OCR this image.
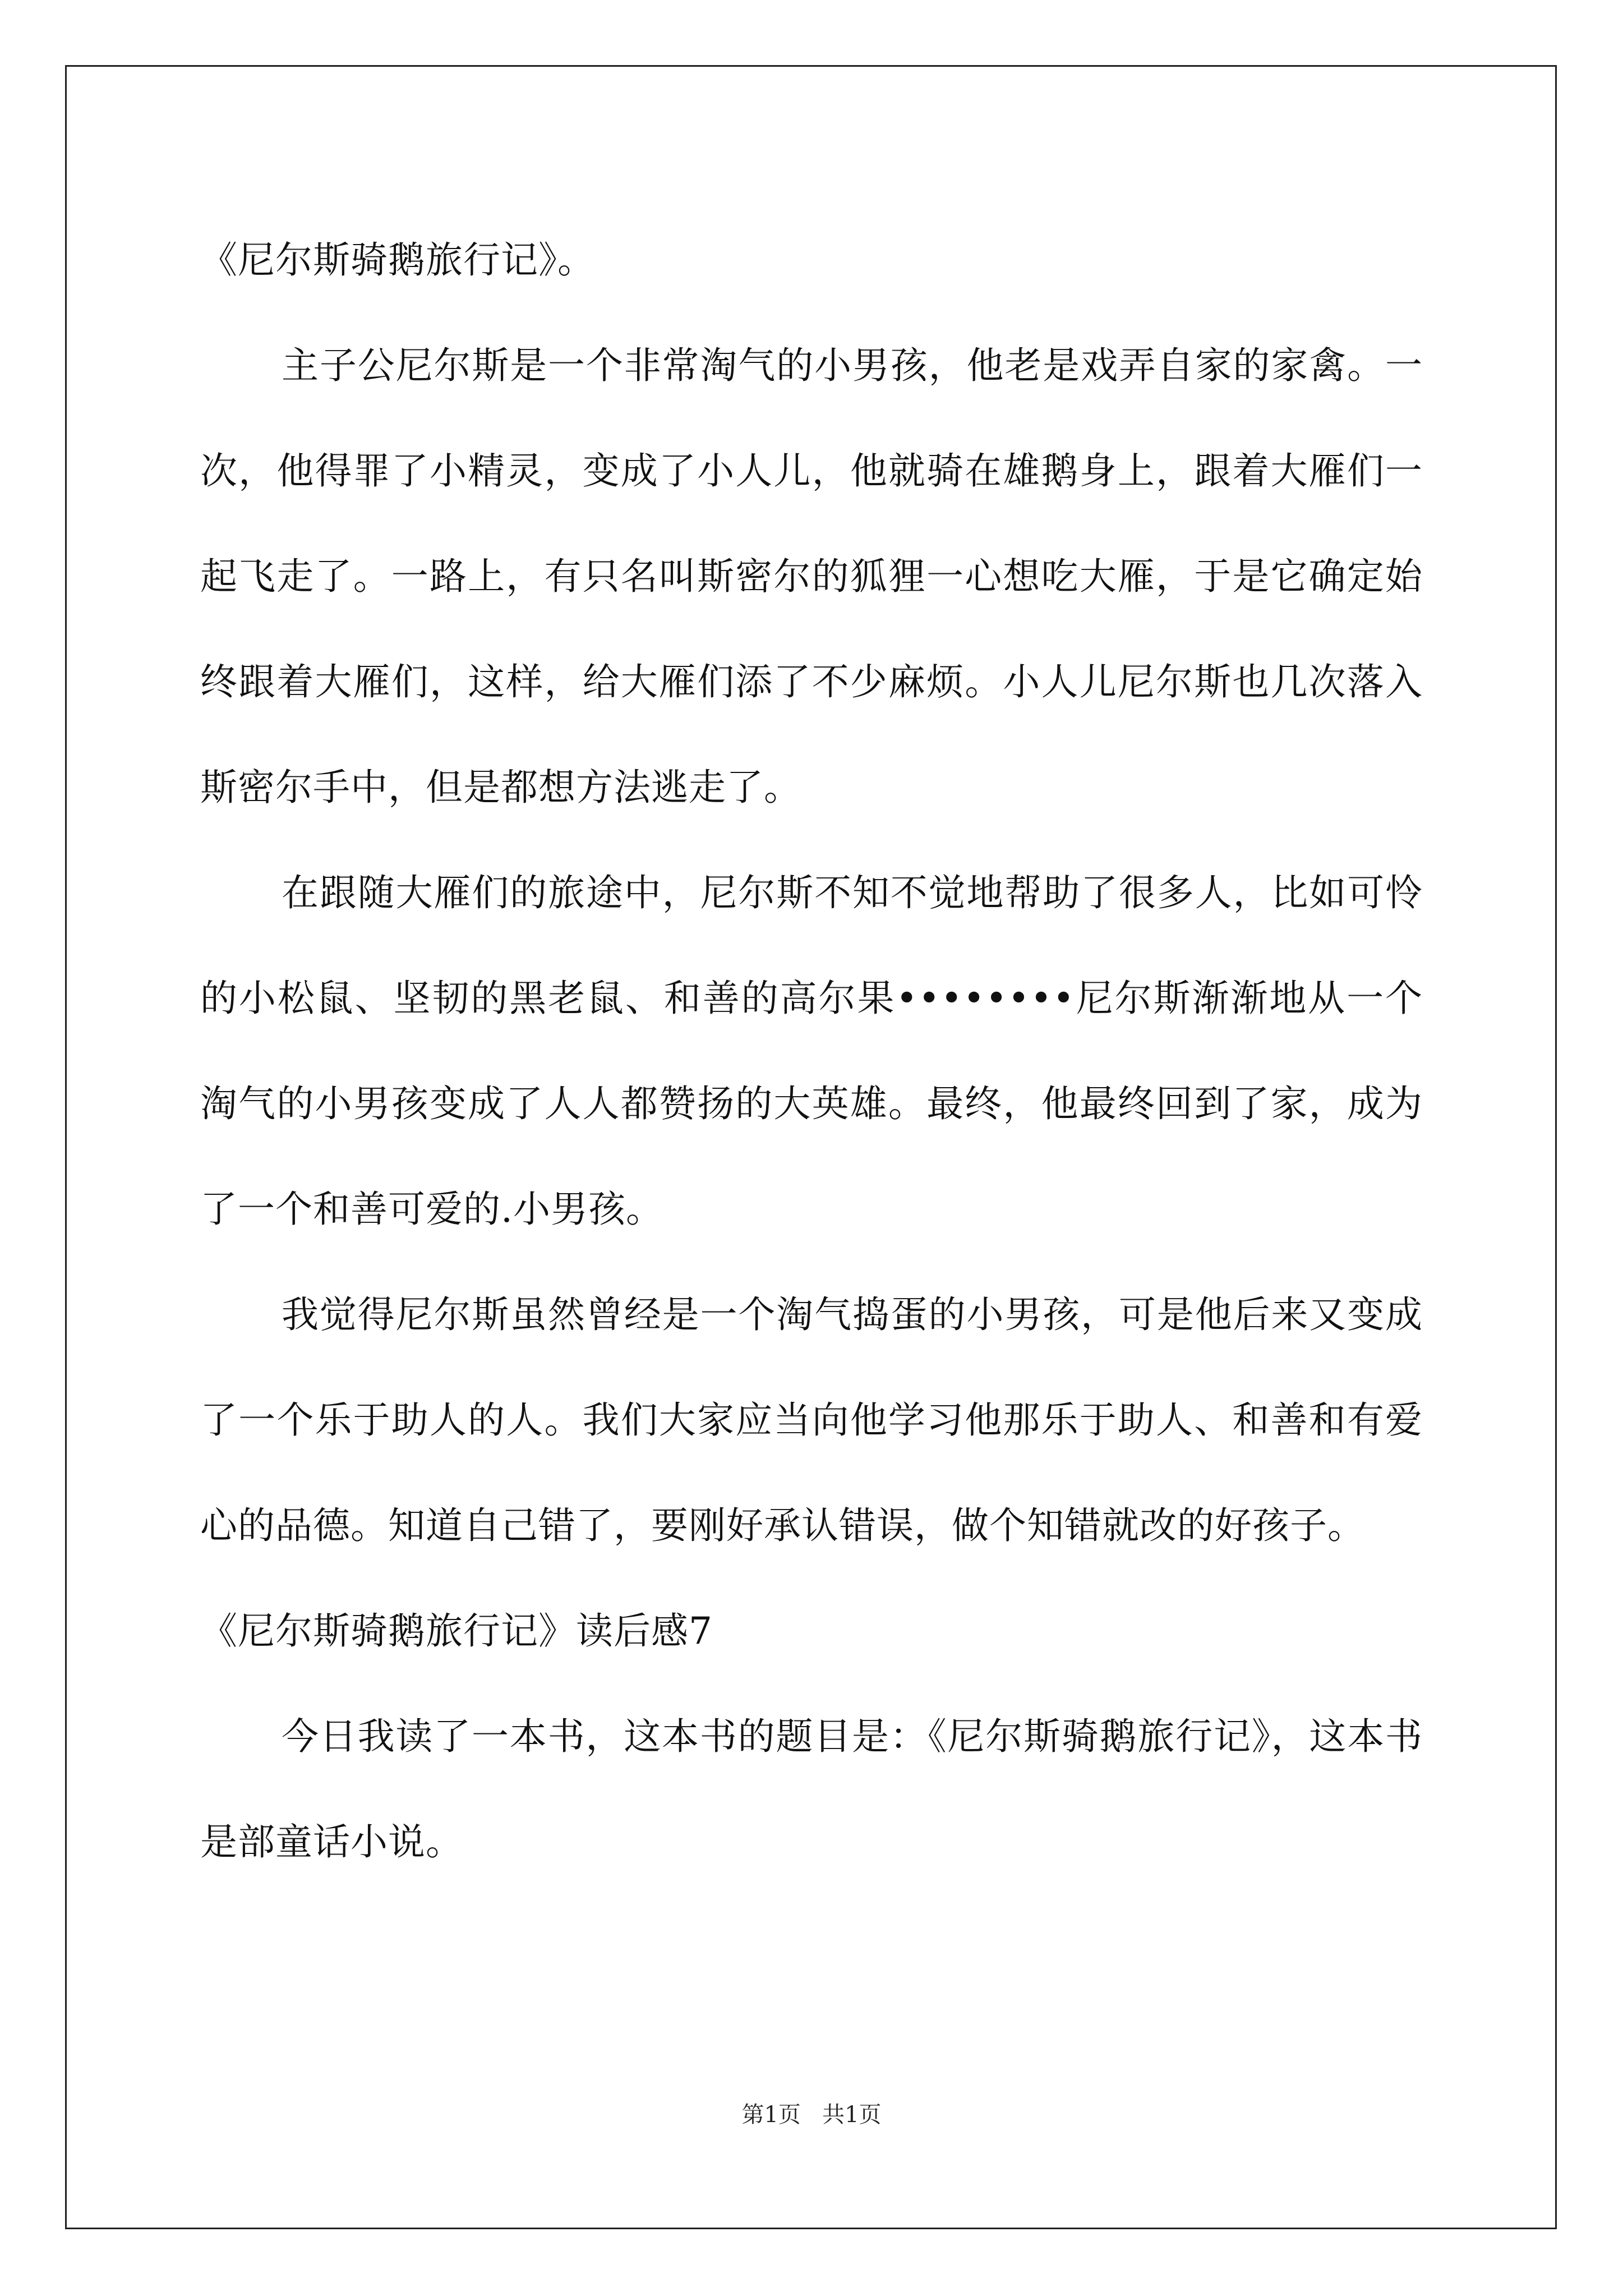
《尼尔斯骑鹅旅行记》。

主子公尼尔斯是一个非常淘气的小男孩，他老是戏弄自家的家禽。一次，他得罪了小精灵，变成了小人儿，他就骑在雄鹅身上，跟着大雁们一起飞走了。一路上，有只名叫斯密尔的狐狸一心想吃大雁，于是它确定始终跟着大雁们，这样，给大雁们添了不少麻烦。小人儿尼尔斯也几次落入斯密尔手中，但是都想方法逃走了。

在跟随大雁们的旅途中，尼尔斯不知不觉地帮助了很多人，比如可怜的小松鼠、坚韧的黑老鼠、和善的高尔果••••••••尼尔斯渐渐地从一个淘气的小男孩变成了人人都赞扬的大英雄。最终，他最终回到了家，成为了一个和善可爱的.小男孩。

我觉得尼尔斯虽然曾经是一个淘气捣蛋的小男孩，可是他后来又变成了一个乐于助人的人。我们大家应当向他学习他那乐于助人、和善和有爱心的品德。知道自己错了，要刚好承认错误，做个知错就改的好孩子。

《尼尔斯骑鹅旅行记》读后感7

今日我读了一本书，这本书的题目是：《尼尔斯骑鹅旅行记》，这本书是部童话小说。

第1页 共1页
